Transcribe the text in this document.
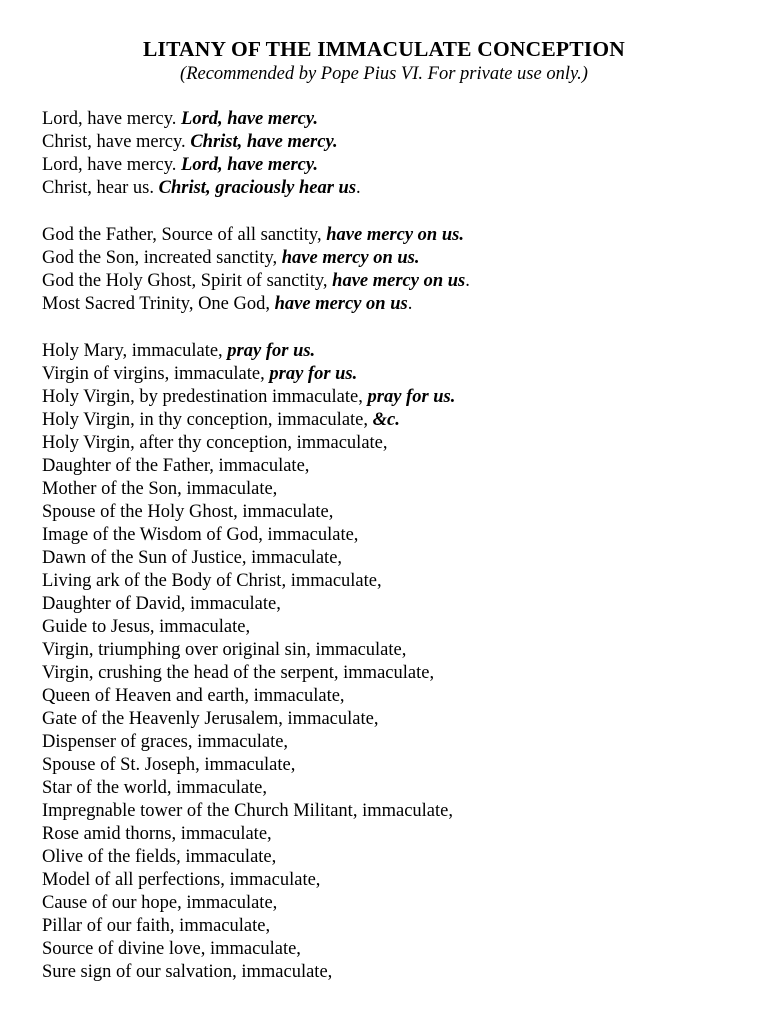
LITANY OF THE IMMACULATE CONCEPTION
(Recommended by Pope Pius VI. For private use only.)
Lord, have mercy. Lord, have mercy.
Christ, have mercy. Christ, have mercy.
Lord, have mercy. Lord, have mercy.
Christ, hear us. Christ, graciously hear us.
God the Father, Source of all sanctity, have mercy on us.
God the Son, increated sanctity, have mercy on us.
God the Holy Ghost, Spirit of sanctity, have mercy on us.
Most Sacred Trinity, One God, have mercy on us.
Holy Mary, immaculate, pray for us.
Virgin of virgins, immaculate, pray for us.
Holy Virgin, by predestination immaculate, pray for us.
Holy Virgin, in thy conception, immaculate, &c.
Holy Virgin, after thy conception, immaculate,
Daughter of the Father, immaculate,
Mother of the Son, immaculate,
Spouse of the Holy Ghost, immaculate,
Image of the Wisdom of God, immaculate,
Dawn of the Sun of Justice, immaculate,
Living ark of the Body of Christ, immaculate,
Daughter of David, immaculate,
Guide to Jesus, immaculate,
Virgin, triumphing over original sin, immaculate,
Virgin, crushing the head of the serpent, immaculate,
Queen of Heaven and earth, immaculate,
Gate of the Heavenly Jerusalem, immaculate,
Dispenser of graces, immaculate,
Spouse of St. Joseph, immaculate,
Star of the world, immaculate,
Impregnable tower of the Church Militant, immaculate,
Rose amid thorns, immaculate,
Olive of the fields, immaculate,
Model of all perfections, immaculate,
Cause of our hope, immaculate,
Pillar of our faith, immaculate,
Source of divine love, immaculate,
Sure sign of our salvation, immaculate,
